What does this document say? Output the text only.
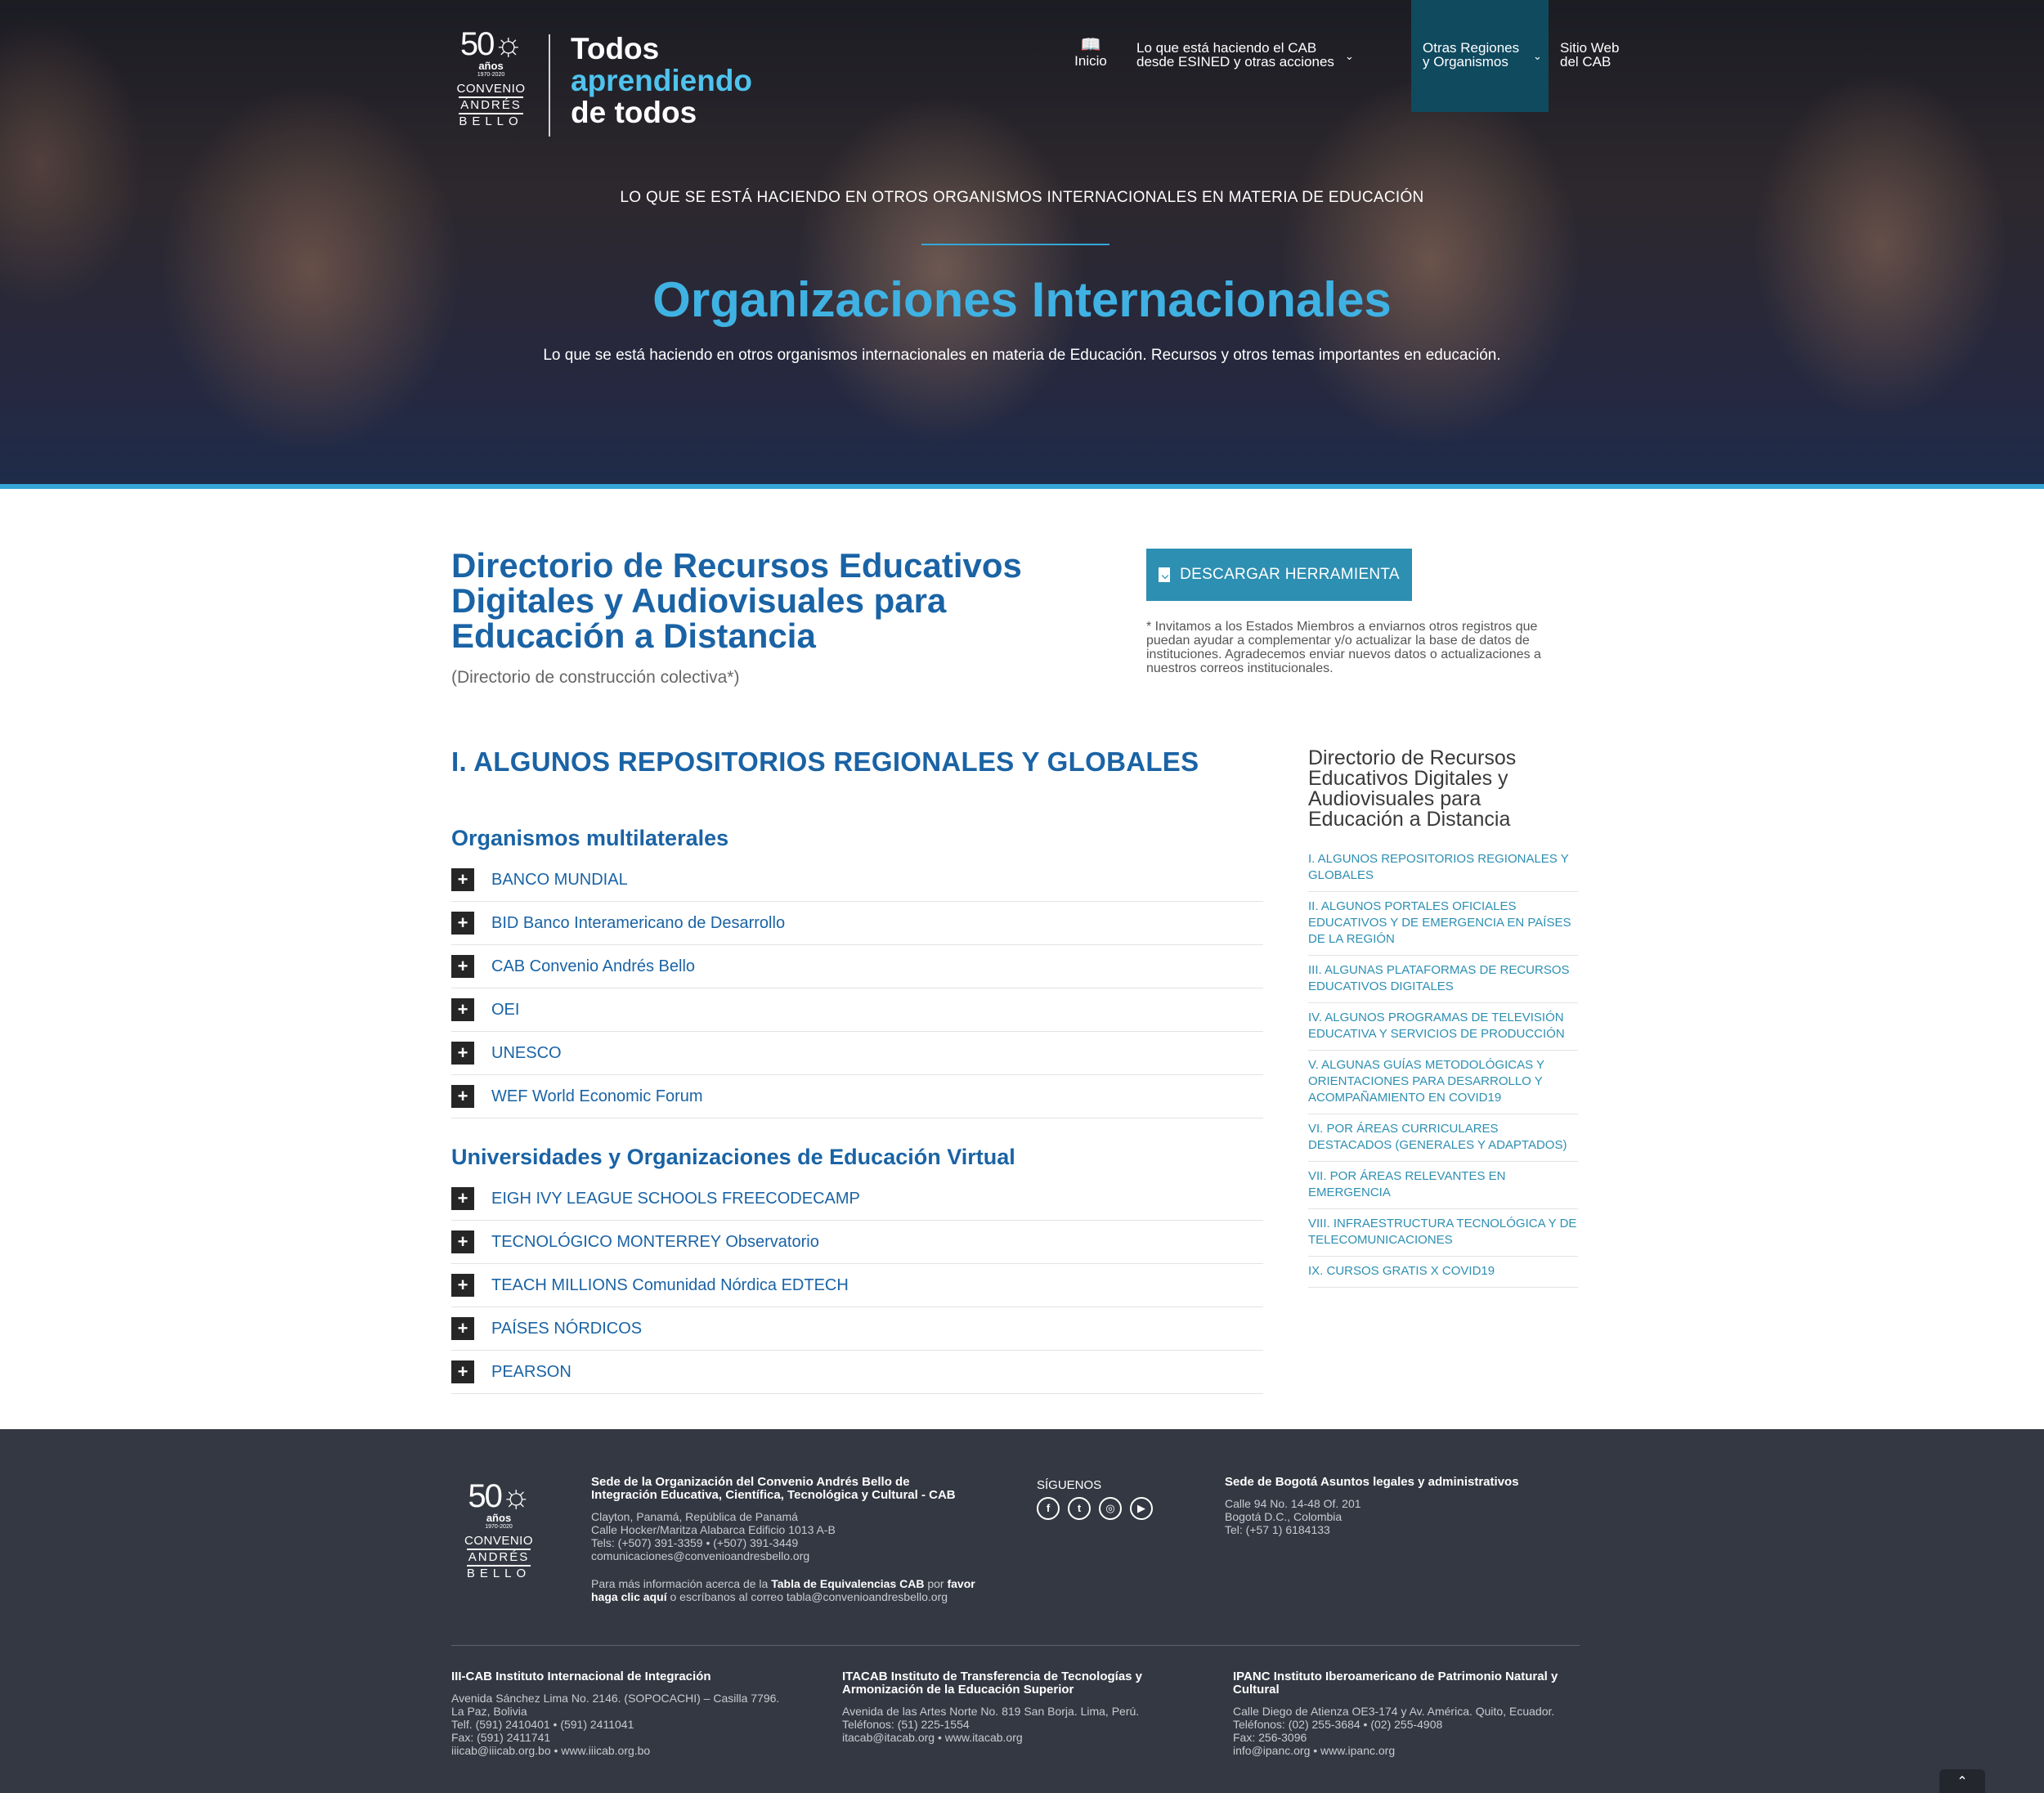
50☼
años
1970-2020
CONVENIO
ANDRÉS
BELLO
Todos
aprendiendo
de todos
📖
Inicio
Lo que está haciendo el CAB desde ESINED y otras acciones ⌄
Otras Regiones y Organismos	⌄
Sitio Web del CAB
LO QUE SE ESTÁ HACIENDO EN OTROS ORGANISMOS INTERNACIONALES EN MATERIA DE EDUCACIÓN
Organizaciones Internacionales
Lo que se está haciendo en otros organismos internacionales en materia de Educación. Recursos y otros temas importantes en educación.
Directorio de Recursos Educativos Digitales y Audiovisuales para Educación a Distancia
(Directorio de construcción colectiva*)
DESCARGAR HERRAMIENTA
* Invitamos a los Estados Miembros a enviarnos otros registros que puedan ayudar a complementar y/o actualizar la base de datos de instituciones. Agradecemos enviar nuevos datos o actualizaciones a nuestros correos institucionales.
I. ALGUNOS REPOSITORIOS REGIONALES Y GLOBALES
Organismos multilaterales
+	BANCO MUNDIAL
+	BID Banco Interamericano de Desarrollo
+	CAB Convenio Andrés Bello
+	OEI
+	UNESCO
+	WEF World Economic Forum
Universidades y Organizaciones de Educación Virtual
+	EIGH IVY LEAGUE SCHOOLS FREECODECAMP
+	TECNOLÓGICO MONTERREY Observatorio
+	TEACH MILLIONS Comunidad Nórdica EDTECH
+	PAÍSES NÓRDICOS
+	PEARSON
Directorio de Recursos Educativos Digitales y Audiovisuales para Educación a Distancia
I. ALGUNOS REPOSITORIOS REGIONALES Y GLOBALES
II. ALGUNOS PORTALES OFICIALES EDUCATIVOS Y DE EMERGENCIA EN PAÍSES DE LA REGIÓN
III. ALGUNAS PLATAFORMAS DE RECURSOS EDUCATIVOS DIGITALES
IV. ALGUNOS PROGRAMAS DE TELEVISIÓN EDUCATIVA Y SERVICIOS DE PRODUCCIÓN
V. ALGUNAS GUÍAS METODOLÓGICAS Y ORIENTACIONES PARA DESARROLLO Y ACOMPAÑAMIENTO EN COVID19
VI. POR ÁREAS CURRICULARES DESTACADOS (GENERALES Y ADAPTADOS)
VII. POR ÁREAS RELEVANTES EN EMERGENCIA
VIII. INFRAESTRUCTURA TECNOLÓGICA Y DE TELECOMUNICACIONES
IX. CURSOS GRATIS X COVID19
50☼
años
1970-2020
CONVENIO
ANDRÉS
BELLO
Sede de la Organización del Convenio Andrés Bello de Integración Educativa, Científica, Tecnológica y Cultural - CAB

Clayton, Panamá, República de Panamá

Calle Hocker/Maritza Alabarca Edificio 1013 A-B

Tels: (+507) 391-3359 • (+507) 391-3449

comunicaciones@convenioandresbello.org

Para más información acerca de la Tabla de Equivalencias CAB por favor haga clic aquí o escríbanos al correo tabla@convenioandresbello.org

SÍGUENOS
f	t	◎	▶
Sede de Bogotá Asuntos legales y administrativos

Calle 94 No. 14-48 Of. 201

Bogotá D.C., Colombia

Tel: (+57 1) 6184133

III-CAB Instituto Internacional de Integración

Avenida Sánchez Lima No. 2146. (SOPOCACHI) – Casilla 7796.

La Paz, Bolivia

Telf. (591) 2410401 • (591) 2411041

Fax: (591) 2411741

iiicab@iiicab.org.bo • www.iiicab.org.bo

ITACAB Instituto de Transferencia de Tecnologías y Armonización de la Educación Superior

Avenida de las Artes Norte No. 819 San Borja. Lima, Perú.

Teléfonos: (51) 225-1554

itacab@itacab.org • www.itacab.org

IPANC Instituto Iberoamericano de Patrimonio Natural y Cultural

Calle Diego de Atienza OE3-174 y Av. América. Quito, Ecuador.

Teléfonos: (02) 255-3684 • (02) 255-4908

Fax: 256-3096

info@ipanc.org • www.ipanc.org

⌃
